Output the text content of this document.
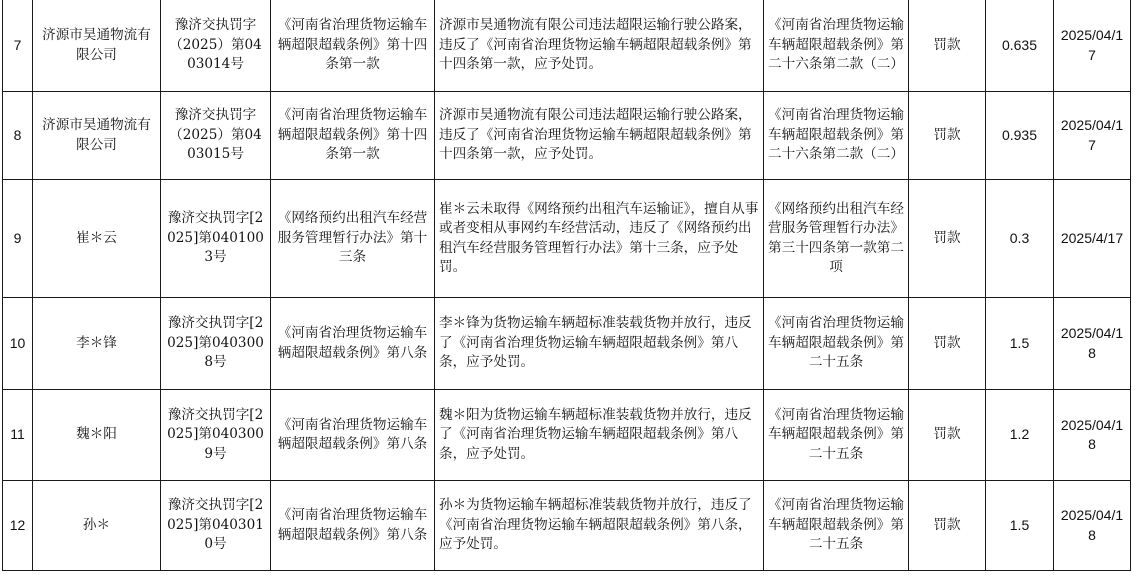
7	济源市昊通物流有限公司	豫济交执罚字（2025）第0403014号	《河南省治理货物运输车辆超限超载条例》第十四条第一款	济源市昊通物流有限公司违法超限运输行驶公路案，违反了《河南省治理货物运输车辆超限超载条例》第十四条第一款，应予处罚。	《河南省治理货物运输车辆超限超载条例》第二十六条第二款（二）	罚款	0.635	2025/04/17
8	济源市昊通物流有限公司	豫济交执罚字（2025）第0403015号	《河南省治理货物运输车辆超限超载条例》第十四条第一款	济源市昊通物流有限公司违法超限运输行驶公路案，违反了《河南省治理货物运输车辆超限超载条例》第十四条第一款，应予处罚。	《河南省治理货物运输车辆超限超载条例》第二十六条第二款（二）	罚款	0.935	2025/04/17
9	崔＊云	豫济交执罚字[2025]第0401003号	《网络预约出租汽车经营服务管理暂行办法》第十三条	崔＊云未取得《网络预约出租汽车运输证》，擅自从事或者变相从事网约车经营活动，违反了《网络预约出租汽车经营服务管理暂行办法》第十三条，应予处罚。	《网络预约出租汽车经营服务管理暂行办法》第三十四条第一款第二项	罚款	0.3	2025/4/17
10	李＊锋	豫济交执罚字[2025]第0403008号	《河南省治理货物运输车辆超限超载条例》第八条	李＊锋为货物运输车辆超标准装载货物并放行，违反了《河南省治理货物运输车辆超限超载条例》第八条，应予处罚。	《河南省治理货物运输车辆超限超载条例》第二十五条	罚款	1.5	2025/04/18
11	魏＊阳	豫济交执罚字[2025]第0403009号	《河南省治理货物运输车辆超限超载条例》第八条	魏＊阳为货物运输车辆超标准装载货物并放行，违反了《河南省治理货物运输车辆超限超载条例》第八条，应予处罚。	《河南省治理货物运输车辆超限超载条例》第二十五条	罚款	1.2	2025/04/18
12	孙＊	豫济交执罚字[2025]第0403010号	《河南省治理货物运输车辆超限超载条例》第八条	孙＊为货物运输车辆超标准装载货物并放行，违反了《河南省治理货物运输车辆超限超载条例》第八条，应予处罚。	《河南省治理货物运输车辆超限超载条例》第二十五条	罚款	1.5	2025/04/18
